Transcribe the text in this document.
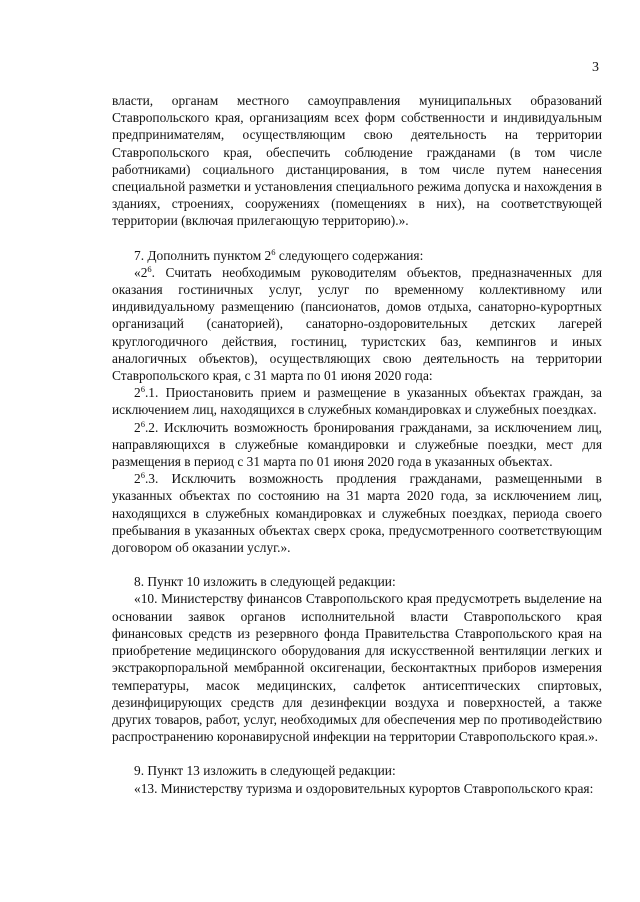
3

власти, органам местного самоуправления муниципальных образований Ставропольского края, организациям всех форм собственности и индивидуальным предпринимателям, осуществляющим свою деятельность на территории Ставропольского края, обеспечить соблюдение гражданами (в том числе работниками) социального дистанцирования, в том числе путем нанесения специальной разметки и установления специального режима допуска и нахождения в зданиях, строениях, сооружениях (помещениях в них), на соответствующей территории (включая прилегающую территорию).».

7. Дополнить пунктом $2^6$ следующего содержания:

«$2^6$. Считать необходимым руководителям объектов, предназначенных для оказания гостиничных услуг, услуг по временному коллективному или индивидуальному размещению (пансионатов, домов отдыха, санаторно-курортных организаций (санаторией), санаторно-оздоровительных детских лагерей круглогодичного действия, гостиниц, туристских баз, кемпингов и иных аналогичных объектов), осуществляющих свою деятельность на территории Ставропольского края, с 31 марта по 01 июня 2020 года:

$2^6.1$. Приостановить прием и размещение в указанных объектах граждан, за исключением лиц, находящихся в служебных командировках и служебных поездках.

$2^6.2$. Исключить возможность бронирования гражданами, за исключением лиц, направляющихся в служебные командировки и служебные поездки, мест для размещения в период с 31 марта по 01 июня 2020 года в указанных объектах.

$2^6.3$. Исключить возможность продления гражданами, размещенными в указанных объектах по состоянию на 31 марта 2020 года, за исключением лиц, находящихся в служебных командировках и служебных поездках, периода своего пребывания в указанных объектах сверх срока, предусмотренного соответствующим договором об оказании услуг.».

8. Пункт 10 изложить в следующей редакции:

«10. Министерству финансов Ставропольского края предусмотреть выделение на основании заявок органов исполнительной власти Ставропольского края финансовых средств из резервного фонда Правительства Ставропольского края на приобретение медицинского оборудования для искусственной вентиляции легких и экстракорпоральной мембранной оксигенации, бесконтактных приборов измерения температуры, масок медицинских, салфеток антисептических спиртовых, дезинфицирующих средств для дезинфекции воздуха и поверхностей, а также других товаров, работ, услуг, необходимых для обеспечения мер по противодействию распространению коронавирусной инфекции на территории Ставропольского края.».

9. Пункт 13 изложить в следующей редакции:

«13. Министерству туризма и оздоровительных курортов Ставропольского края:
